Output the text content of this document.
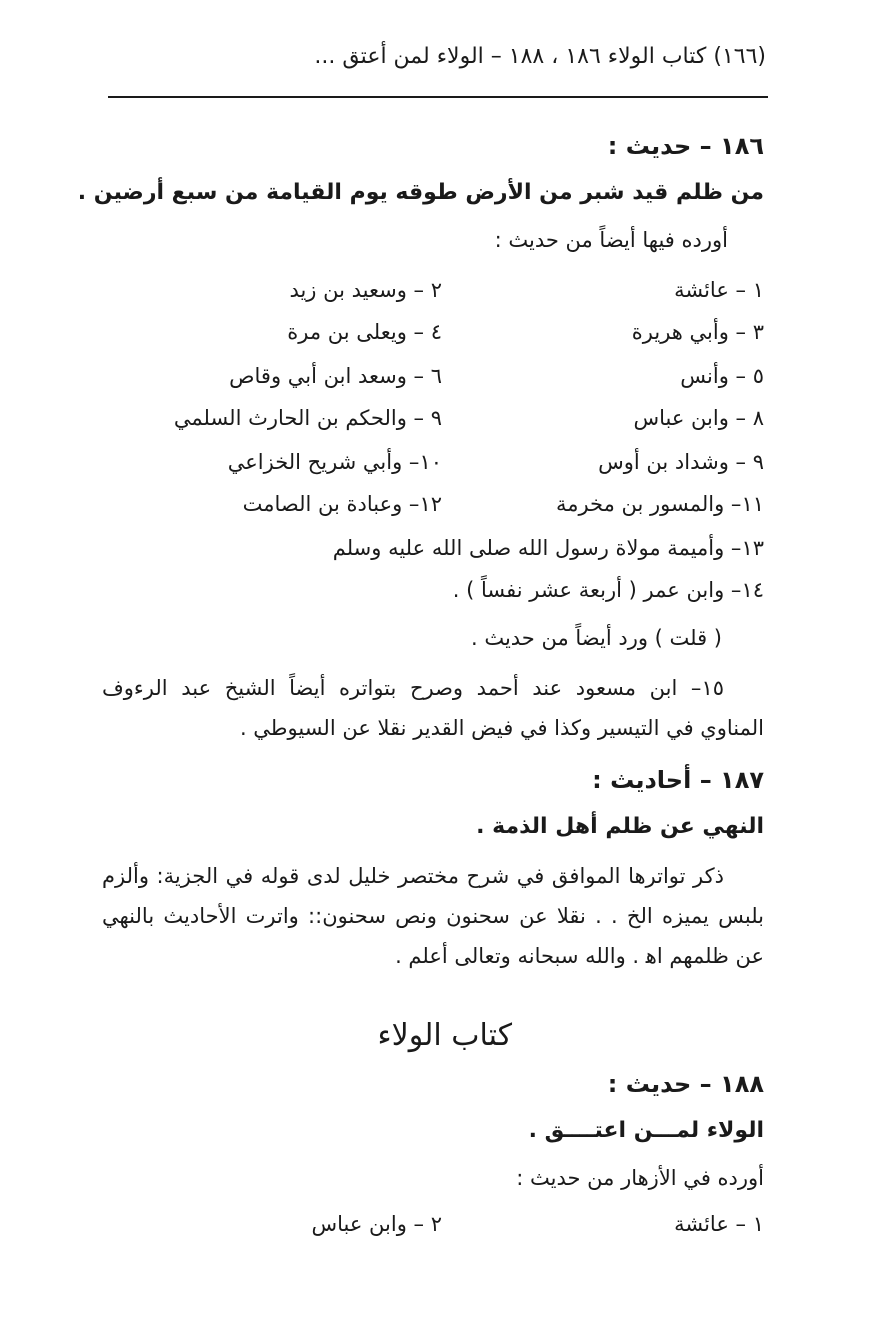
(١٦٦) كتاب الولاء ١٨٦ ، ١٨٨ – الولاء لمن أعتق ...
١٨٦ – حديث :
من ظلم قيد شبر من الأرض طوقه يوم القيامة من سبع أرضين .
أورده فيها أيضاً من حديث :
١ – عائشة
٢ – وسعيد بن زيد
٣ – وأبي هريرة
٤ – ويعلى بن مرة
٥ – وأنس
٦ – وسعد ابن أبي وقاص
٨ – وابن عباس
٩ – والحكم بن الحارث السلمي
٩ – وشداد بن أوس
١٠– وأبي شريح الخزاعي
١١– والمسور بن مخرمة
١٢– وعبادة بن الصامت
١٣– وأميمة مولاة رسول الله صلى الله عليه وسلم
١٤– وابن عمر ( أربعة عشر نفساً ) .
( قلت ) ورد أيضاً من حديث .
١٥– ابن مسعود عند أحمد وصرح بتواتره أيضاً الشيخ عبد الرءوف المناوي في التيسير وكذا في فيض القدير نقلا عن السيوطي .
١٨٧ – أحاديث :
النهي عن ظلم أهل الذمة .
ذكر تواترها الموافق في شرح مختصر خليل لدى قوله في الجزية: وألزم بلبس يميزه الخ . . نقلا عن سحنون ونص سحنون:: واترت الأحاديث بالنهي عن ظلمهم اﻫ . والله سبحانه وتعالى أعلم .
كتاب الولاء
١٨٨ – حديث :
الولاء لمـــن اعتــــق .
أورده في الأزهار من حديث :
١ – عائشة
٢ – وابن عباس
